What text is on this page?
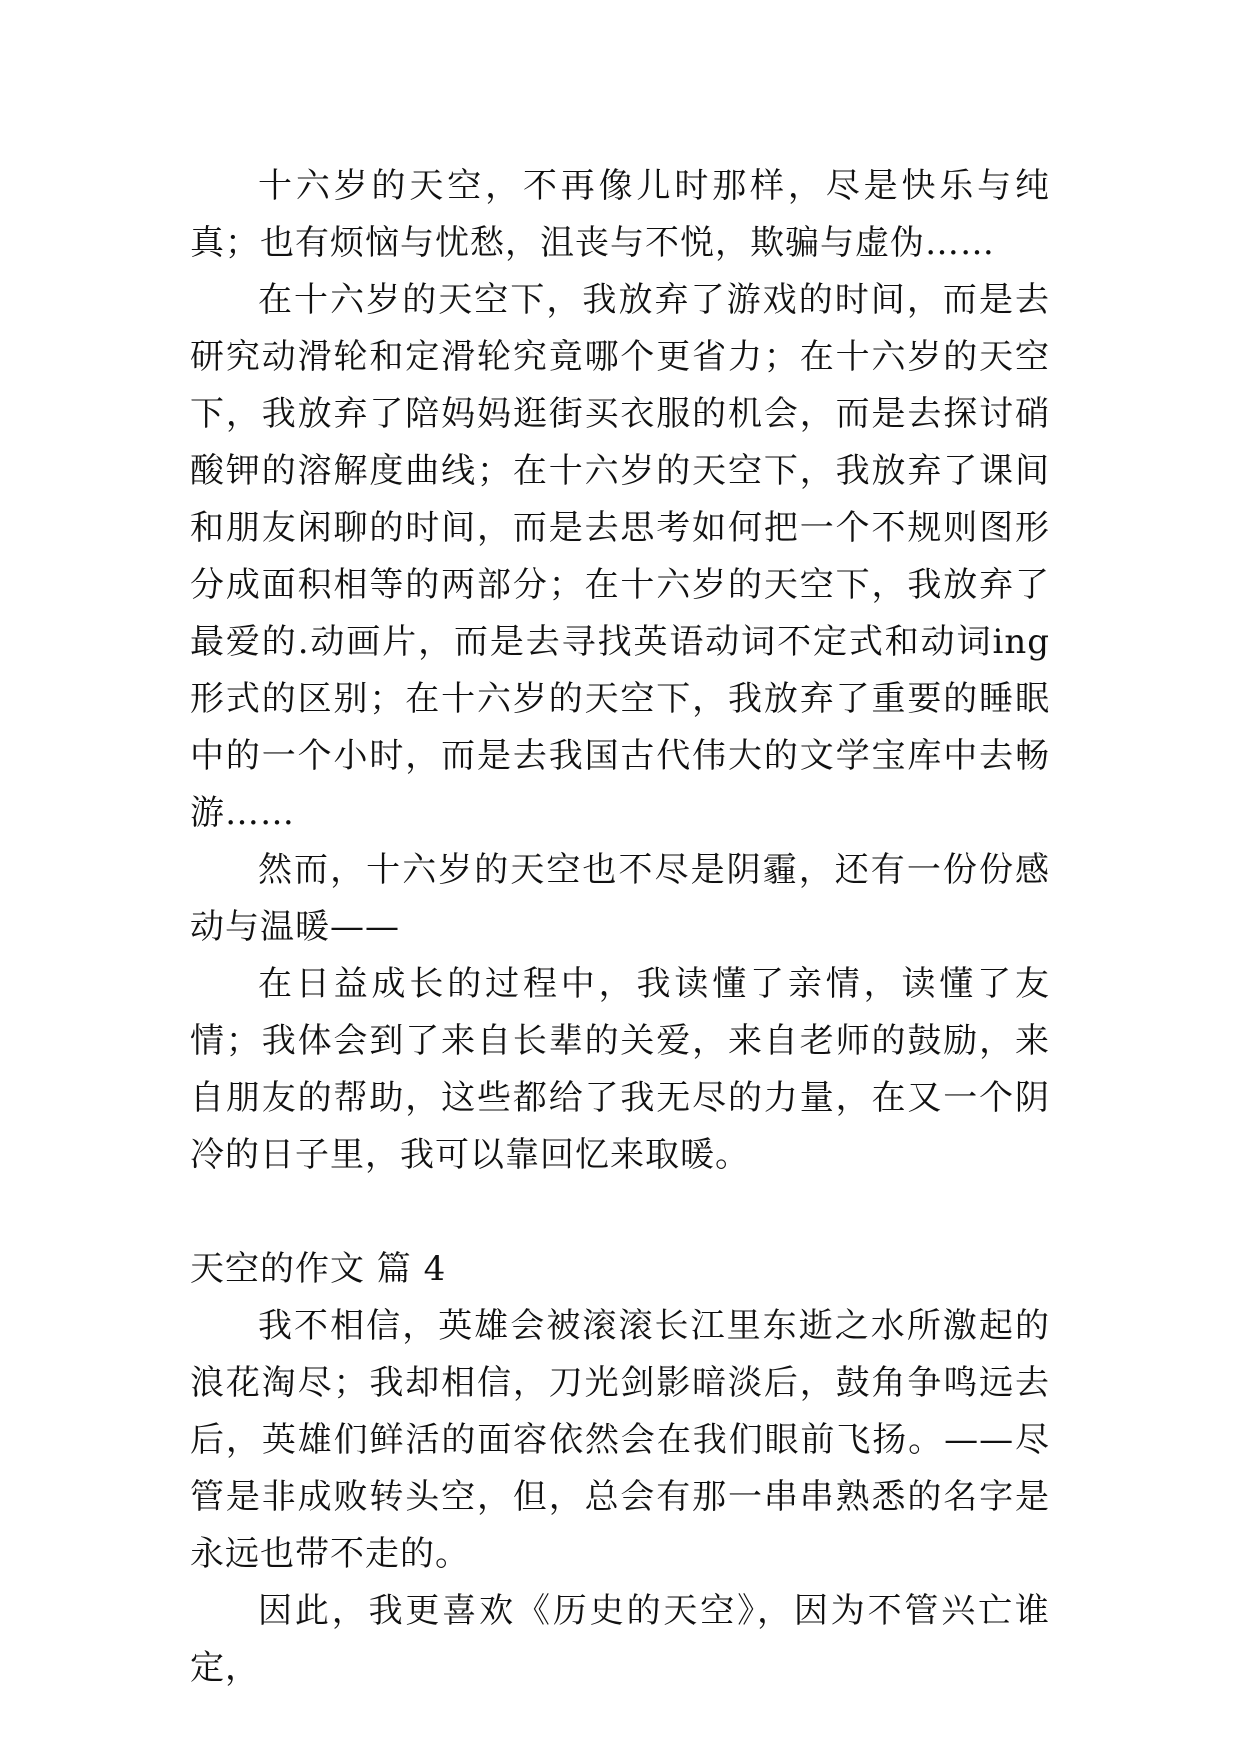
十六岁的天空，不再像儿时那样，尽是快乐与纯真；也有烦恼与忧愁，沮丧与不悦，欺骗与虚伪……

在十六岁的天空下，我放弃了游戏的时间，而是去研究动滑轮和定滑轮究竟哪个更省力；在十六岁的天空下，我放弃了陪妈妈逛街买衣服的机会，而是去探讨硝酸钾的溶解度曲线；在十六岁的天空下，我放弃了课间和朋友闲聊的时间，而是去思考如何把一个不规则图形分成面积相等的两部分；在十六岁的天空下，我放弃了最爱的.动画片，而是去寻找英语动词不定式和动词ing形式的区别；在十六岁的天空下，我放弃了重要的睡眠中的一个小时，而是去我国古代伟大的文学宝库中去畅游……

然而，十六岁的天空也不尽是阴霾，还有一份份感动与温暖——

在日益成长的过程中，我读懂了亲情，读懂了友情；我体会到了来自长辈的关爱，来自老师的鼓励，来自朋友的帮助，这些都给了我无尽的力量，在又一个阴冷的日子里，我可以靠回忆来取暖。

天空的作文 篇 4

我不相信，英雄会被滚滚长江里东逝之水所激起的浪花淘尽；我却相信，刀光剑影暗淡后，鼓角争鸣远去后，英雄们鲜活的面容依然会在我们眼前飞扬。——尽管是非成败转头空，但，总会有那一串串熟悉的名字是永远也带不走的。

因此，我更喜欢《历史的天空》，因为不管兴亡谁定，
